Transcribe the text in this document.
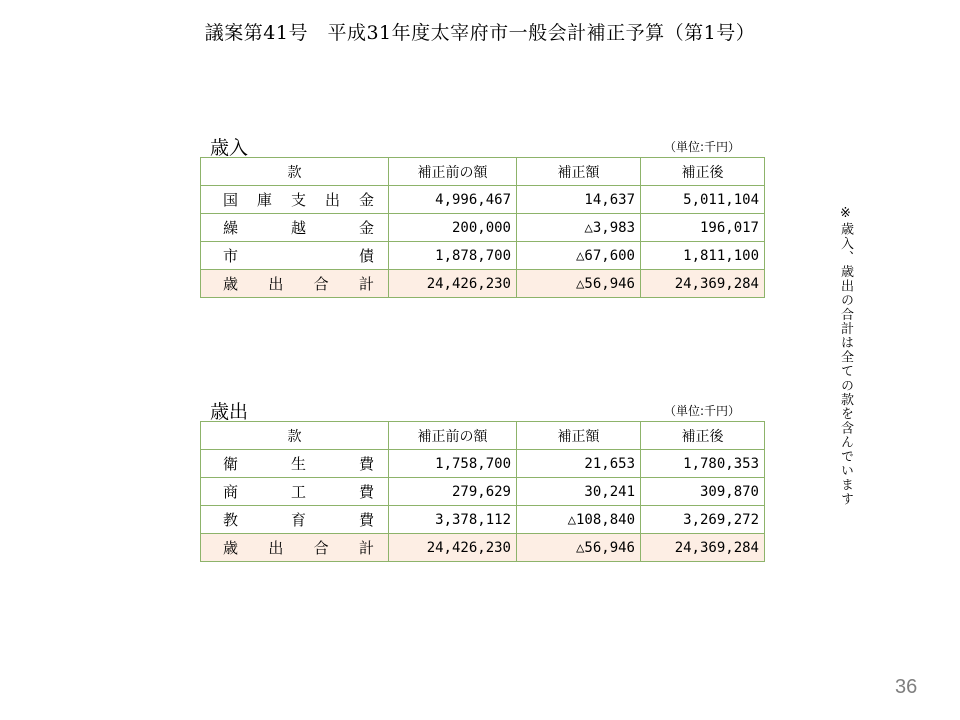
議案第41号　平成31年度太宰府市一般会計補正予算（第1号）
歳入	（単位:千円）
款	補正前の額	補正額	補正後

国 庫 支 出 金	4,996,467	14,637	5,011,104

繰 越 金	200,000	△3,983	196,017

市 債	1,878,700	△67,600	1,811,100

歳 出 合 計	24,426,230	△56,946	24,369,284
歳出	（単位:千円）
款	補正前の額	補正額	補正後

衛 生 費	1,758,700	21,653	1,780,353

商 工 費	279,629	30,241	309,870

教 育 費	3,378,112	△108,840	3,269,272

歳 出 合 計	24,426,230	△56,946	24,369,284
※歳入、歳出の合計は全ての款を含んでいます
36
